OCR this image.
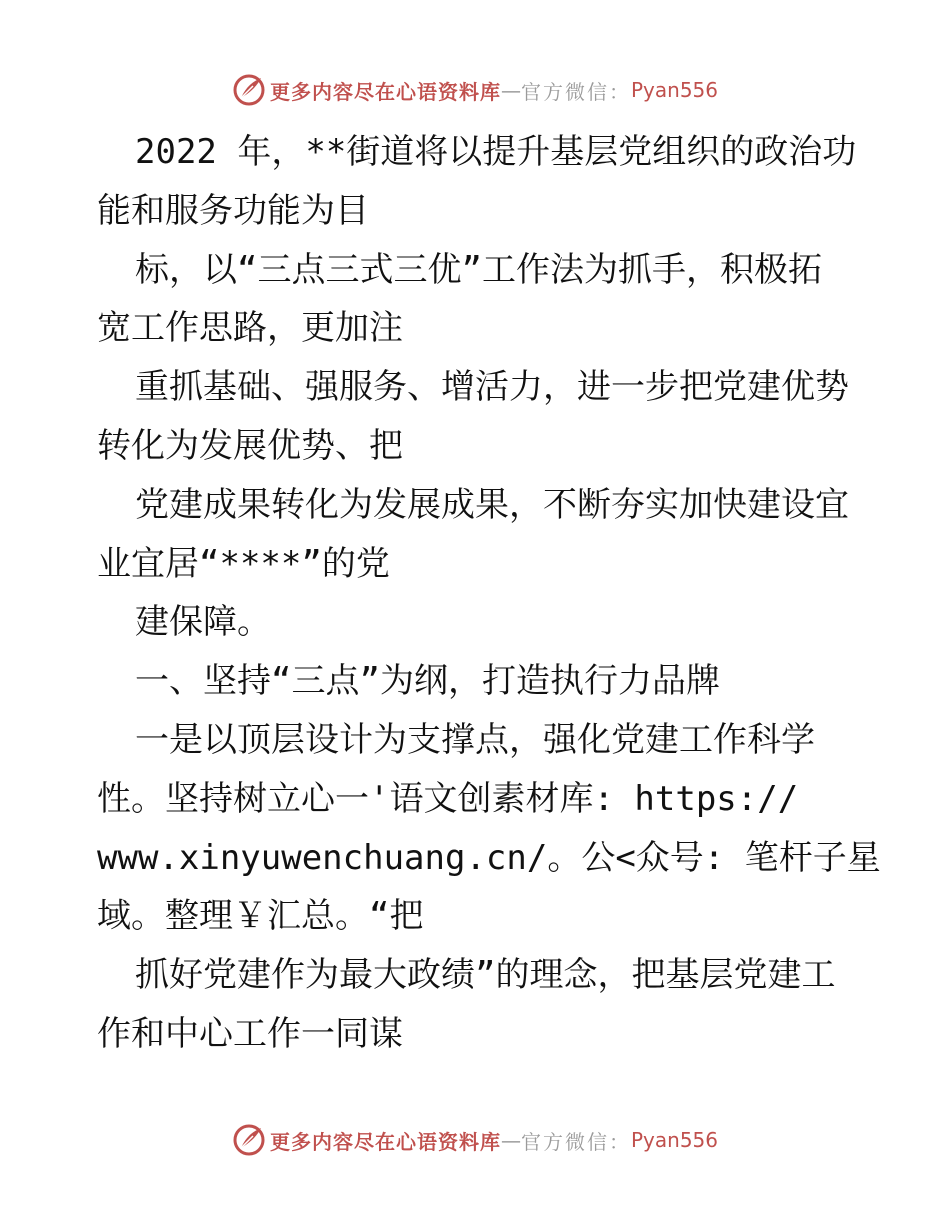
更多内容尽在心语资料库 — 官方微信： Pyan556
2022 年，**街道将以提升基层党组织的政治功
能和服务功能为目
标，以“三点三式三优”工作法为抓手，积极拓
宽工作思路，更加注
重抓基础、强服务、增活力，进一步把党建优势
转化为发展优势、把
党建成果转化为发展成果，不断夯实加快建设宜
业宜居“****”的党
建保障。
一、坚持“三点”为纲，打造执行力品牌
一是以顶层设计为支撑点，强化党建工作科学
性。坚持树立心一'语文创素材库: https://
www.xinyuwenchuang.cn/。公<众号: 笔杆子星
域。整理￥汇总。“把
抓好党建作为最大政绩”的理念，把基层党建工
作和中心工作一同谋
更多内容尽在心语资料库 — 官方微信： Pyan556
